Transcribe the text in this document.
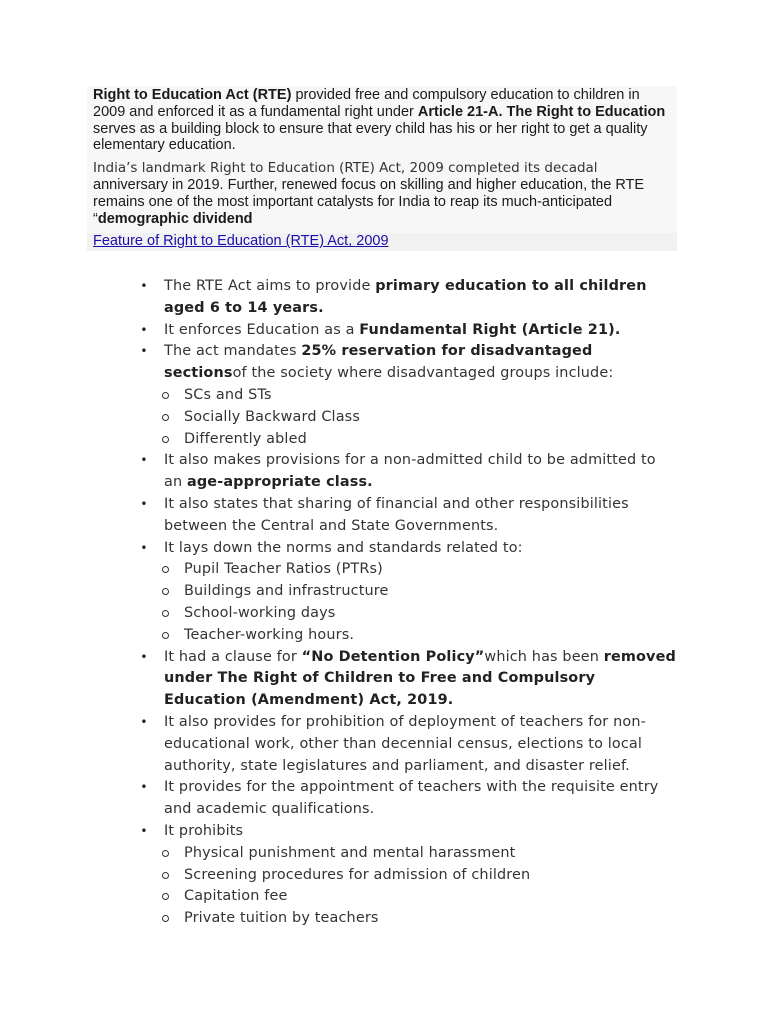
Right to Education Act (RTE) provided free and compulsory education to children in 2009 and enforced it as a fundamental right under Article 21-A. The Right to Education serves as a building block to ensure that every child has his or her right to get a quality elementary education.

India’s landmark Right to Education (RTE) Act, 2009 completed its decadal anniversary in 2019. Further, renewed focus on skilling and higher education, the RTE remains one of the most important catalysts for India to reap its much-anticipated “demographic dividend

Feature of Right to Education (RTE) Act, 2009
• The RTE Act aims to provide primary education to all children aged 6 to 14 years.
• It enforces Education as a Fundamental Right (Article 21).
• The act mandates 25% reservation for disadvantaged sectionsof the society where disadvantaged groups include:
SCs and STs
Socially Backward Class
Differently abled
• It also makes provisions for a non-admitted child to be admitted to an age-appropriate class.
• It also states that sharing of financial and other responsibilities between the Central and State Governments.
• It lays down the norms and standards related to:
Pupil Teacher Ratios (PTRs)
Buildings and infrastructure
School-working days
Teacher-working hours.
• It had a clause for “No Detention Policy”which has been removed under The Right of Children to Free and Compulsory Education (Amendment) Act, 2019.
• It also provides for prohibition of deployment of teachers for non-educational work, other than decennial census, elections to local authority, state legislatures and parliament, and disaster relief.
• It provides for the appointment of teachers with the requisite entry and academic qualifications.
• It prohibits
Physical punishment and mental harassment
Screening procedures for admission of children
Capitation fee
Private tuition by teachers
